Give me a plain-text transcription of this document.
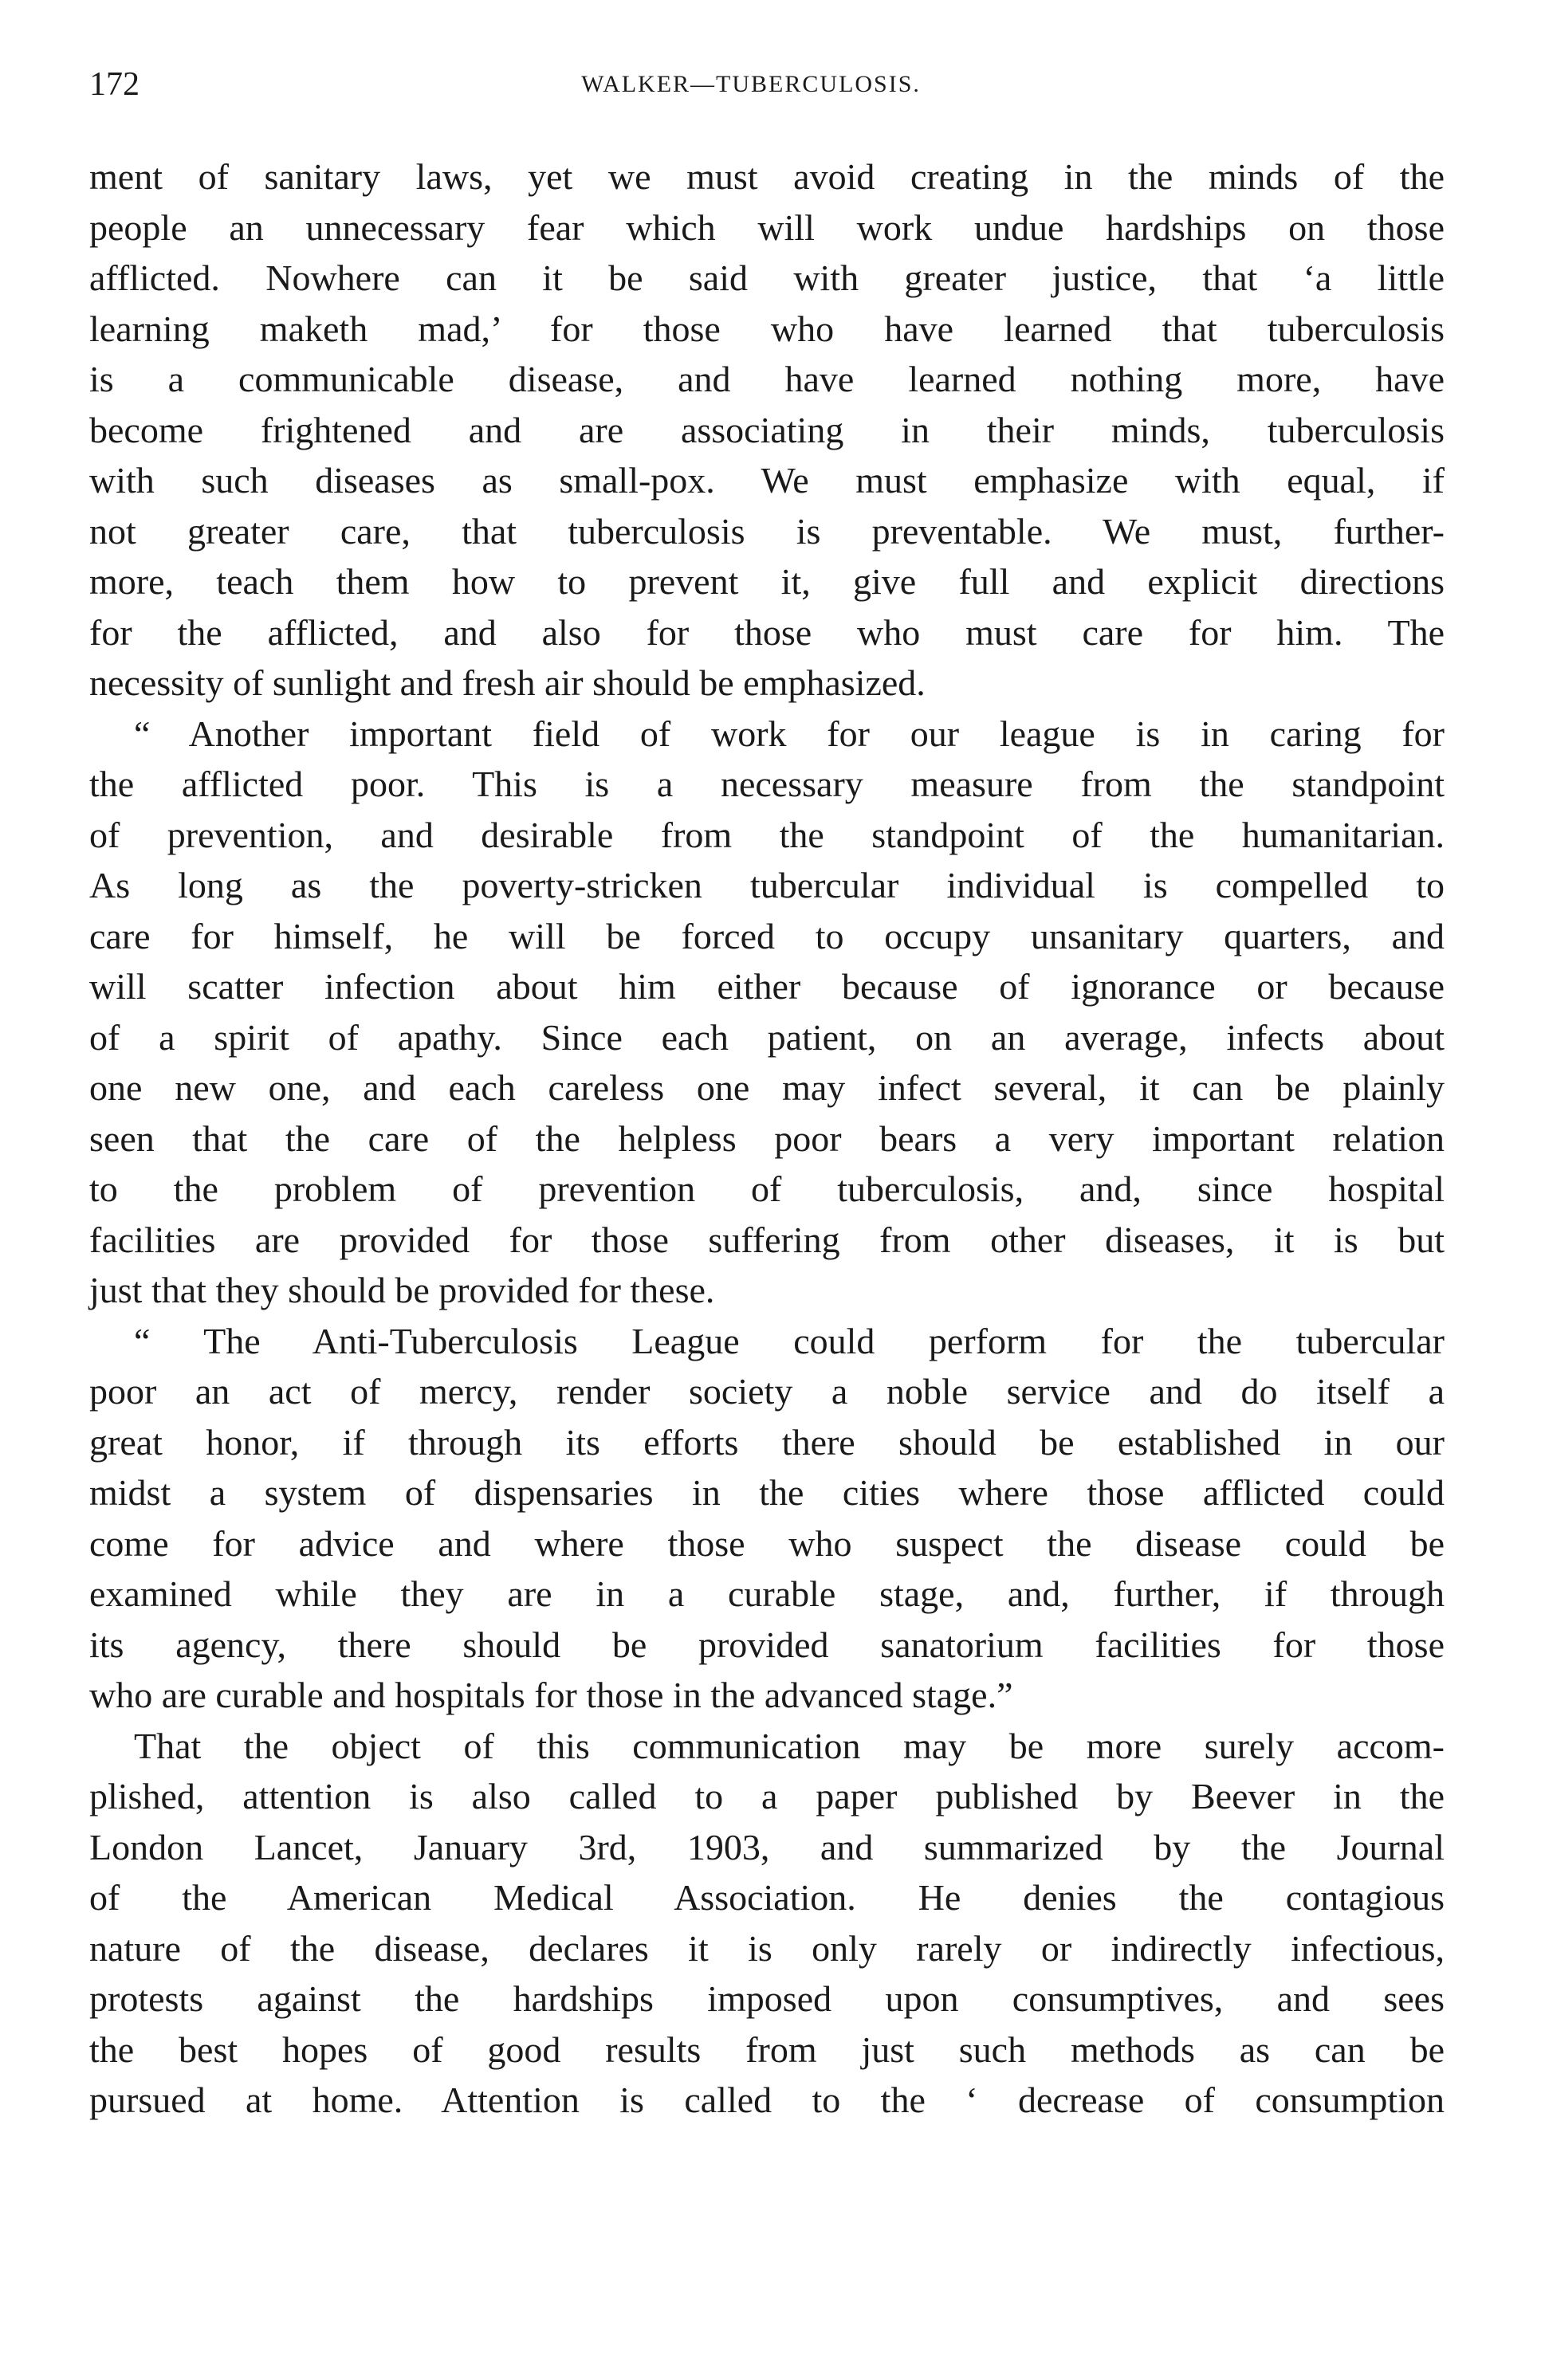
172	WALKER—TUBERCULOSIS.
ment of sanitary laws, yet we must avoid creating in the minds of the
people an unnecessary fear which will work undue hardships on those
afflicted. Nowhere can it be said with greater justice, that ‘a little
learning maketh mad,’ for those who have learned that tuberculosis
is a communicable disease, and have learned nothing more, have
become frightened and are associating in their minds, tuberculosis
with such diseases as small-pox. We must emphasize with equal, if
not greater care, that tuberculosis is preventable. We must, further-
more, teach them how to prevent it, give full and explicit directions
for the afflicted, and also for those who must care for him. The
necessity of sunlight and fresh air should be emphasized.
“ Another important field of work for our league is in caring for
the afflicted poor. This is a necessary measure from the standpoint
of prevention, and desirable from the standpoint of the humanitarian.
As long as the poverty-stricken tubercular individual is compelled to
care for himself, he will be forced to occupy unsanitary quarters, and
will scatter infection about him either because of ignorance or because
of a spirit of apathy. Since each patient, on an average, infects about
one new one, and each careless one may infect several, it can be plainly
seen that the care of the helpless poor bears a very important relation
to the problem of prevention of tuberculosis, and, since hospital
facilities are provided for those suffering from other diseases, it is but
just that they should be provided for these.
“ The Anti-Tuberculosis League could perform for the tubercular
poor an act of mercy, render society a noble service and do itself a
great honor, if through its efforts there should be established in our
midst a system of dispensaries in the cities where those afflicted could
come for advice and where those who suspect the disease could be
examined while they are in a curable stage, and, further, if through
its agency, there should be provided sanatorium facilities for those
who are curable and hospitals for those in the advanced stage.”
That the object of this communication may be more surely accom-
plished, attention is also called to a paper published by Beever in the
London Lancet, January 3rd, 1903, and summarized by the Journal
of the American Medical Association. He denies the contagious
nature of the disease, declares it is only rarely or indirectly infectious,
protests against the hardships imposed upon consumptives, and sees
the best hopes of good results from just such methods as can be
pursued at home. Attention is called to the ‘ decrease of consumption
